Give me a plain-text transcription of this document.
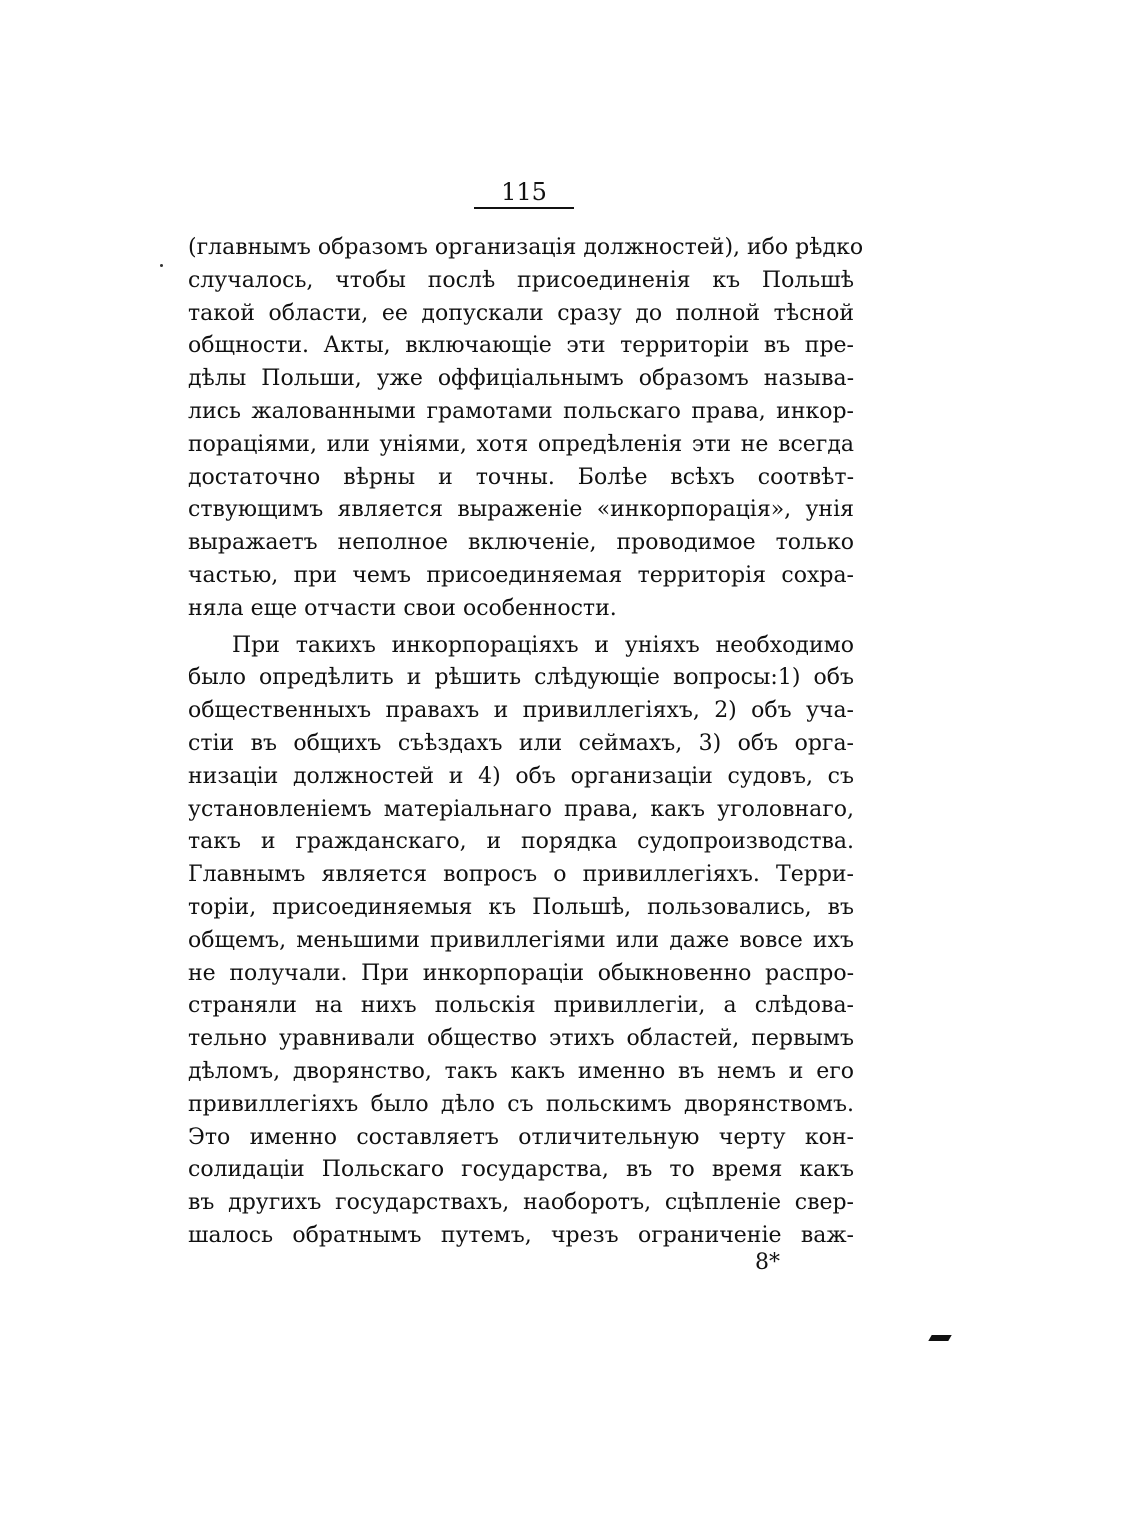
115
(главнымъ образомъ организація должностей), ибо рѣдко
случалось, чтобы послѣ присоединенія къ Польшѣ
такой области, ее допускали сразу до полной тѣсной
общности. Акты, включающіе эти территоріи въ пре-
дѣлы Польши, уже оффиціальнымъ образомъ называ-
лись жалованными грамотами польскаго права, инкор-
пораціями, или уніями, хотя опредѣленія эти не всегда
достаточно вѣрны и точны. Болѣе всѣхъ соотвѣт-
ствующимъ является выраженіе «инкорпорація», унія
выражаетъ неполное включеніе, проводимое только
частью, при чемъ присоединяемая территорія сохра-
няла еще отчасти свои особенности.
При такихъ инкорпораціяхъ и уніяхъ необходимо
было опредѣлить и рѣшить слѣдующіе вопросы:1) объ
общественныхъ правахъ и привиллегіяхъ, 2) объ уча-
стіи въ общихъ съѣздахъ или сеймахъ, 3) объ орга-
низаціи должностей и 4) объ организаціи судовъ, съ
установленіемъ матеріальнаго права, какъ уголовнаго,
такъ и гражданскаго, и порядка судопроизводства.
Главнымъ является вопросъ о привиллегіяхъ. Терри-
торіи, присоединяемыя къ Польшѣ, пользовались, въ
общемъ, меньшими привиллегіями или даже вовсе ихъ
не получали. При инкорпораціи обыкновенно распро-
страняли на нихъ польскія привиллегіи, а слѣдова-
тельно уравнивали общество этихъ областей, первымъ
дѣломъ, дворянство, такъ какъ именно въ немъ и его
привиллегіяхъ было дѣло съ польскимъ дворянствомъ.
Это именно составляетъ отличительную черту кон-
солидаціи Польскаго государства, въ то время какъ
въ другихъ государствахъ, наоборотъ, сцѣпленіе свер-
шалось обратнымъ путемъ, чрезъ ограниченіе важ-
8*
